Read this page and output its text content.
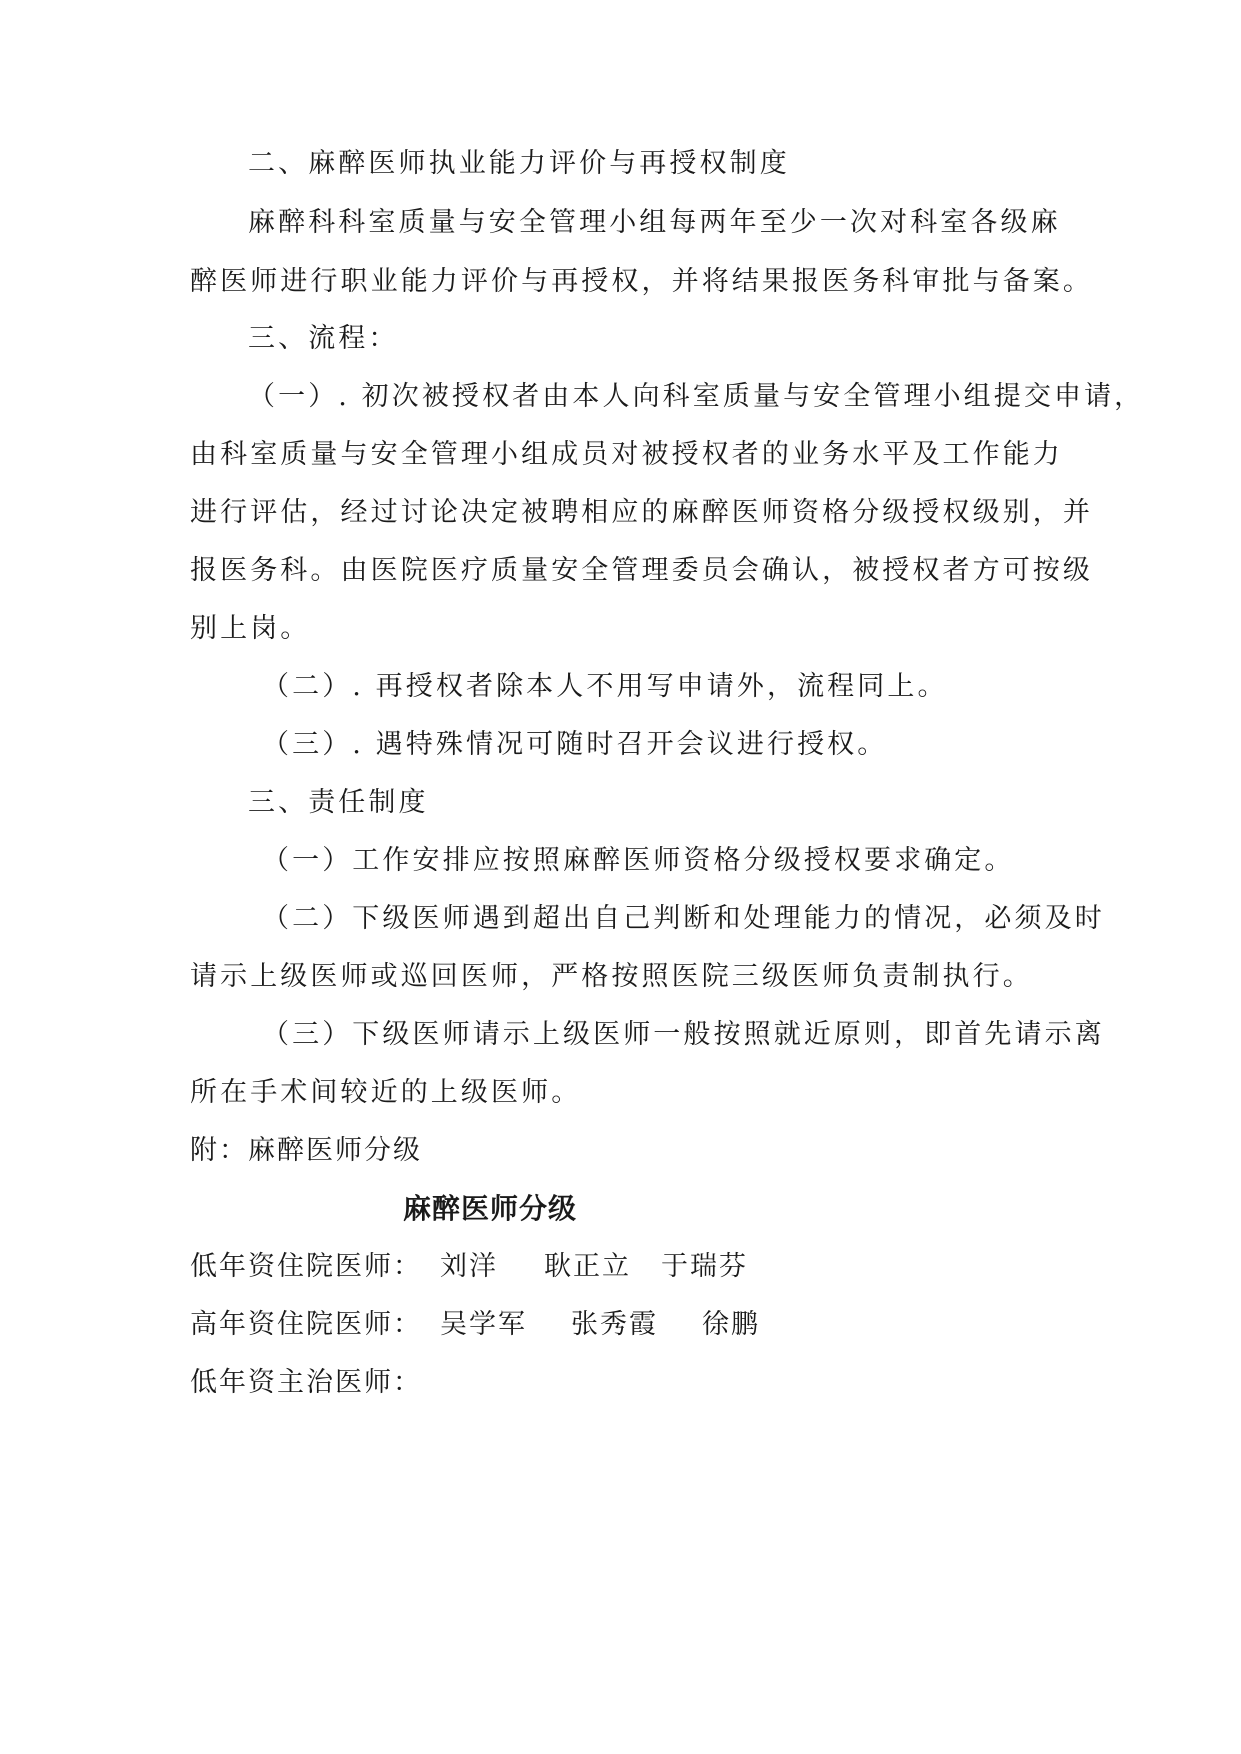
二、麻醉医师执业能力评价与再授权制度
麻醉科科室质量与安全管理小组每两年至少一次对科室各级麻
醉医师进行职业能力评价与再授权，并将结果报医务科审批与备案。
三、流程：
（一）. 初次被授权者由本人向科室质量与安全管理小组提交申请，
由科室质量与安全管理小组成员对被授权者的业务水平及工作能力
进行评估，经过讨论决定被聘相应的麻醉医师资格分级授权级别，并
报医务科。由医院医疗质量安全管理委员会确认，被授权者方可按级
别上岗。
（二）. 再授权者除本人不用写申请外，流程同上。
（三）. 遇特殊情况可随时召开会议进行授权。
三、责任制度
（一）工作安排应按照麻醉医师资格分级授权要求确定。
（二）下级医师遇到超出自己判断和处理能力的情况，必须及时
请示上级医师或巡回医师，严格按照医院三级医师负责制执行。
（三）下级医师请示上级医师一般按照就近原则，即首先请示离
所在手术间较近的上级医师。
附：麻醉医师分级
麻醉医师分级
低年资住院医师： 刘洋 耿正立 于瑞芬
高年资住院医师： 吴学军 张秀霞 徐鹏
低年资主治医师：
